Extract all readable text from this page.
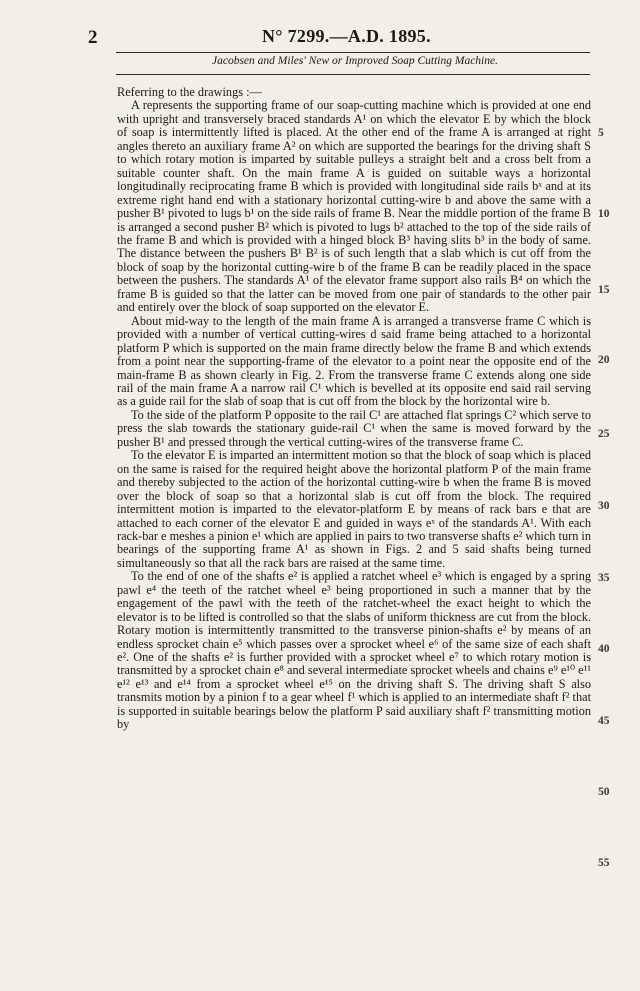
2	N° 7299.—A.D. 1895.
Jacobsen and Miles' New or Improved Soap Cutting Machine.

Referring to the drawings :—

A represents the supporting frame of our soap-cutting machine which is provided at one end with upright and transversely braced standards A¹ on which the elevator E by which the block of soap is intermittently lifted is placed. At the other end of the frame A is arranged at right angles thereto an auxiliary frame A² on which are supported the bearings for the driving shaft S to which rotary motion is imparted by suitable pulleys a straight belt and a cross belt from a suitable counter shaft. On the main frame A is guided on suitable ways a horizontal longitudinally reciprocating frame B which is provided with longitudinal side rails bˣ and at its extreme right hand end with a stationary horizontal cutting-wire b and above the same with a pusher B¹ pivoted to lugs b¹ on the side rails of frame B. Near the middle portion of the frame B is arranged a second pusher B² which is pivoted to lugs b² attached to the top of the side rails of the frame B and which is provided with a hinged block B³ having slits b³ in the body of same. The distance between the pushers B¹ B² is of such length that a slab which is cut off from the block of soap by the horizontal cutting-wire b of the frame B can be readily placed in the space between the pushers. The standards A¹ of the elevator frame support also rails B⁴ on which the frame B is guided so that the latter can be moved from one pair of standards to the other pair and entirely over the block of soap supported on the elevator E.

About mid-way to the length of the main frame A is arranged a transverse frame C which is provided with a number of vertical cutting-wires d said frame being attached to a horizontal platform P which is supported on the main frame directly below the frame B and which extends from a point near the supporting-frame of the elevator to a point near the opposite end of the main-frame B as shown clearly in Fig. 2. From the transverse frame C extends along one side rail of the main frame A a narrow rail C¹ which is bevelled at its opposite end said rail serving as a guide rail for the slab of soap that is cut off from the block by the horizontal wire b.

To the side of the platform P opposite to the rail C¹ are attached flat springs C² which serve to press the slab towards the stationary guide-rail C¹ when the same is moved forward by the pusher B¹ and pressed through the vertical cutting-wires of the transverse frame C.

To the elevator E is imparted an intermittent motion so that the block of soap which is placed on the same is raised for the required height above the horizontal platform P of the main frame and thereby subjected to the action of the horizontal cutting-wire b when the frame B is moved over the block of soap so that a horizontal slab is cut off from the block. The required intermittent motion is imparted to the elevator-platform E by means of rack bars e that are attached to each corner of the elevator E and guided in ways eˣ of the standards A¹. With each rack-bar e meshes a pinion e¹ which are applied in pairs to two transverse shafts e² which turn in bearings of the supporting frame A¹ as shown in Figs. 2 and 5 said shafts being turned simultaneously so that all the rack bars are raised at the same time.

To the end of one of the shafts e² is applied a ratchet wheel e³ which is engaged by a spring pawl e⁴ the teeth of the ratchet wheel e³ being proportioned in such a manner that by the engagement of the pawl with the teeth of the ratchet-wheel the exact height to which the elevator is to be lifted is controlled so that the slabs of uniform thickness are cut from the block. Rotary motion is intermittently transmitted to the transverse pinion-shafts e² by means of an endless sprocket chain e⁵ which passes over a sprocket wheel e⁶ of the same size of each shaft e². One of the shafts e² is further provided with a sprocket wheel e⁷ to which rotary motion is transmitted by a sprocket chain e⁸ and several intermediate sprocket wheels and chains e⁹ e¹⁰ e¹¹ e¹² e¹³ and e¹⁴ from a sprocket wheel e¹⁵ on the driving shaft S. The driving shaft S also transmits motion by a pinion f to a gear wheel f¹ which is applied to an intermediate shaft f² that is supported in suitable bearings below the platform P said auxiliary shaft f² transmitting motion by

5
10
15
20
25
30
35
40
45
50
55
